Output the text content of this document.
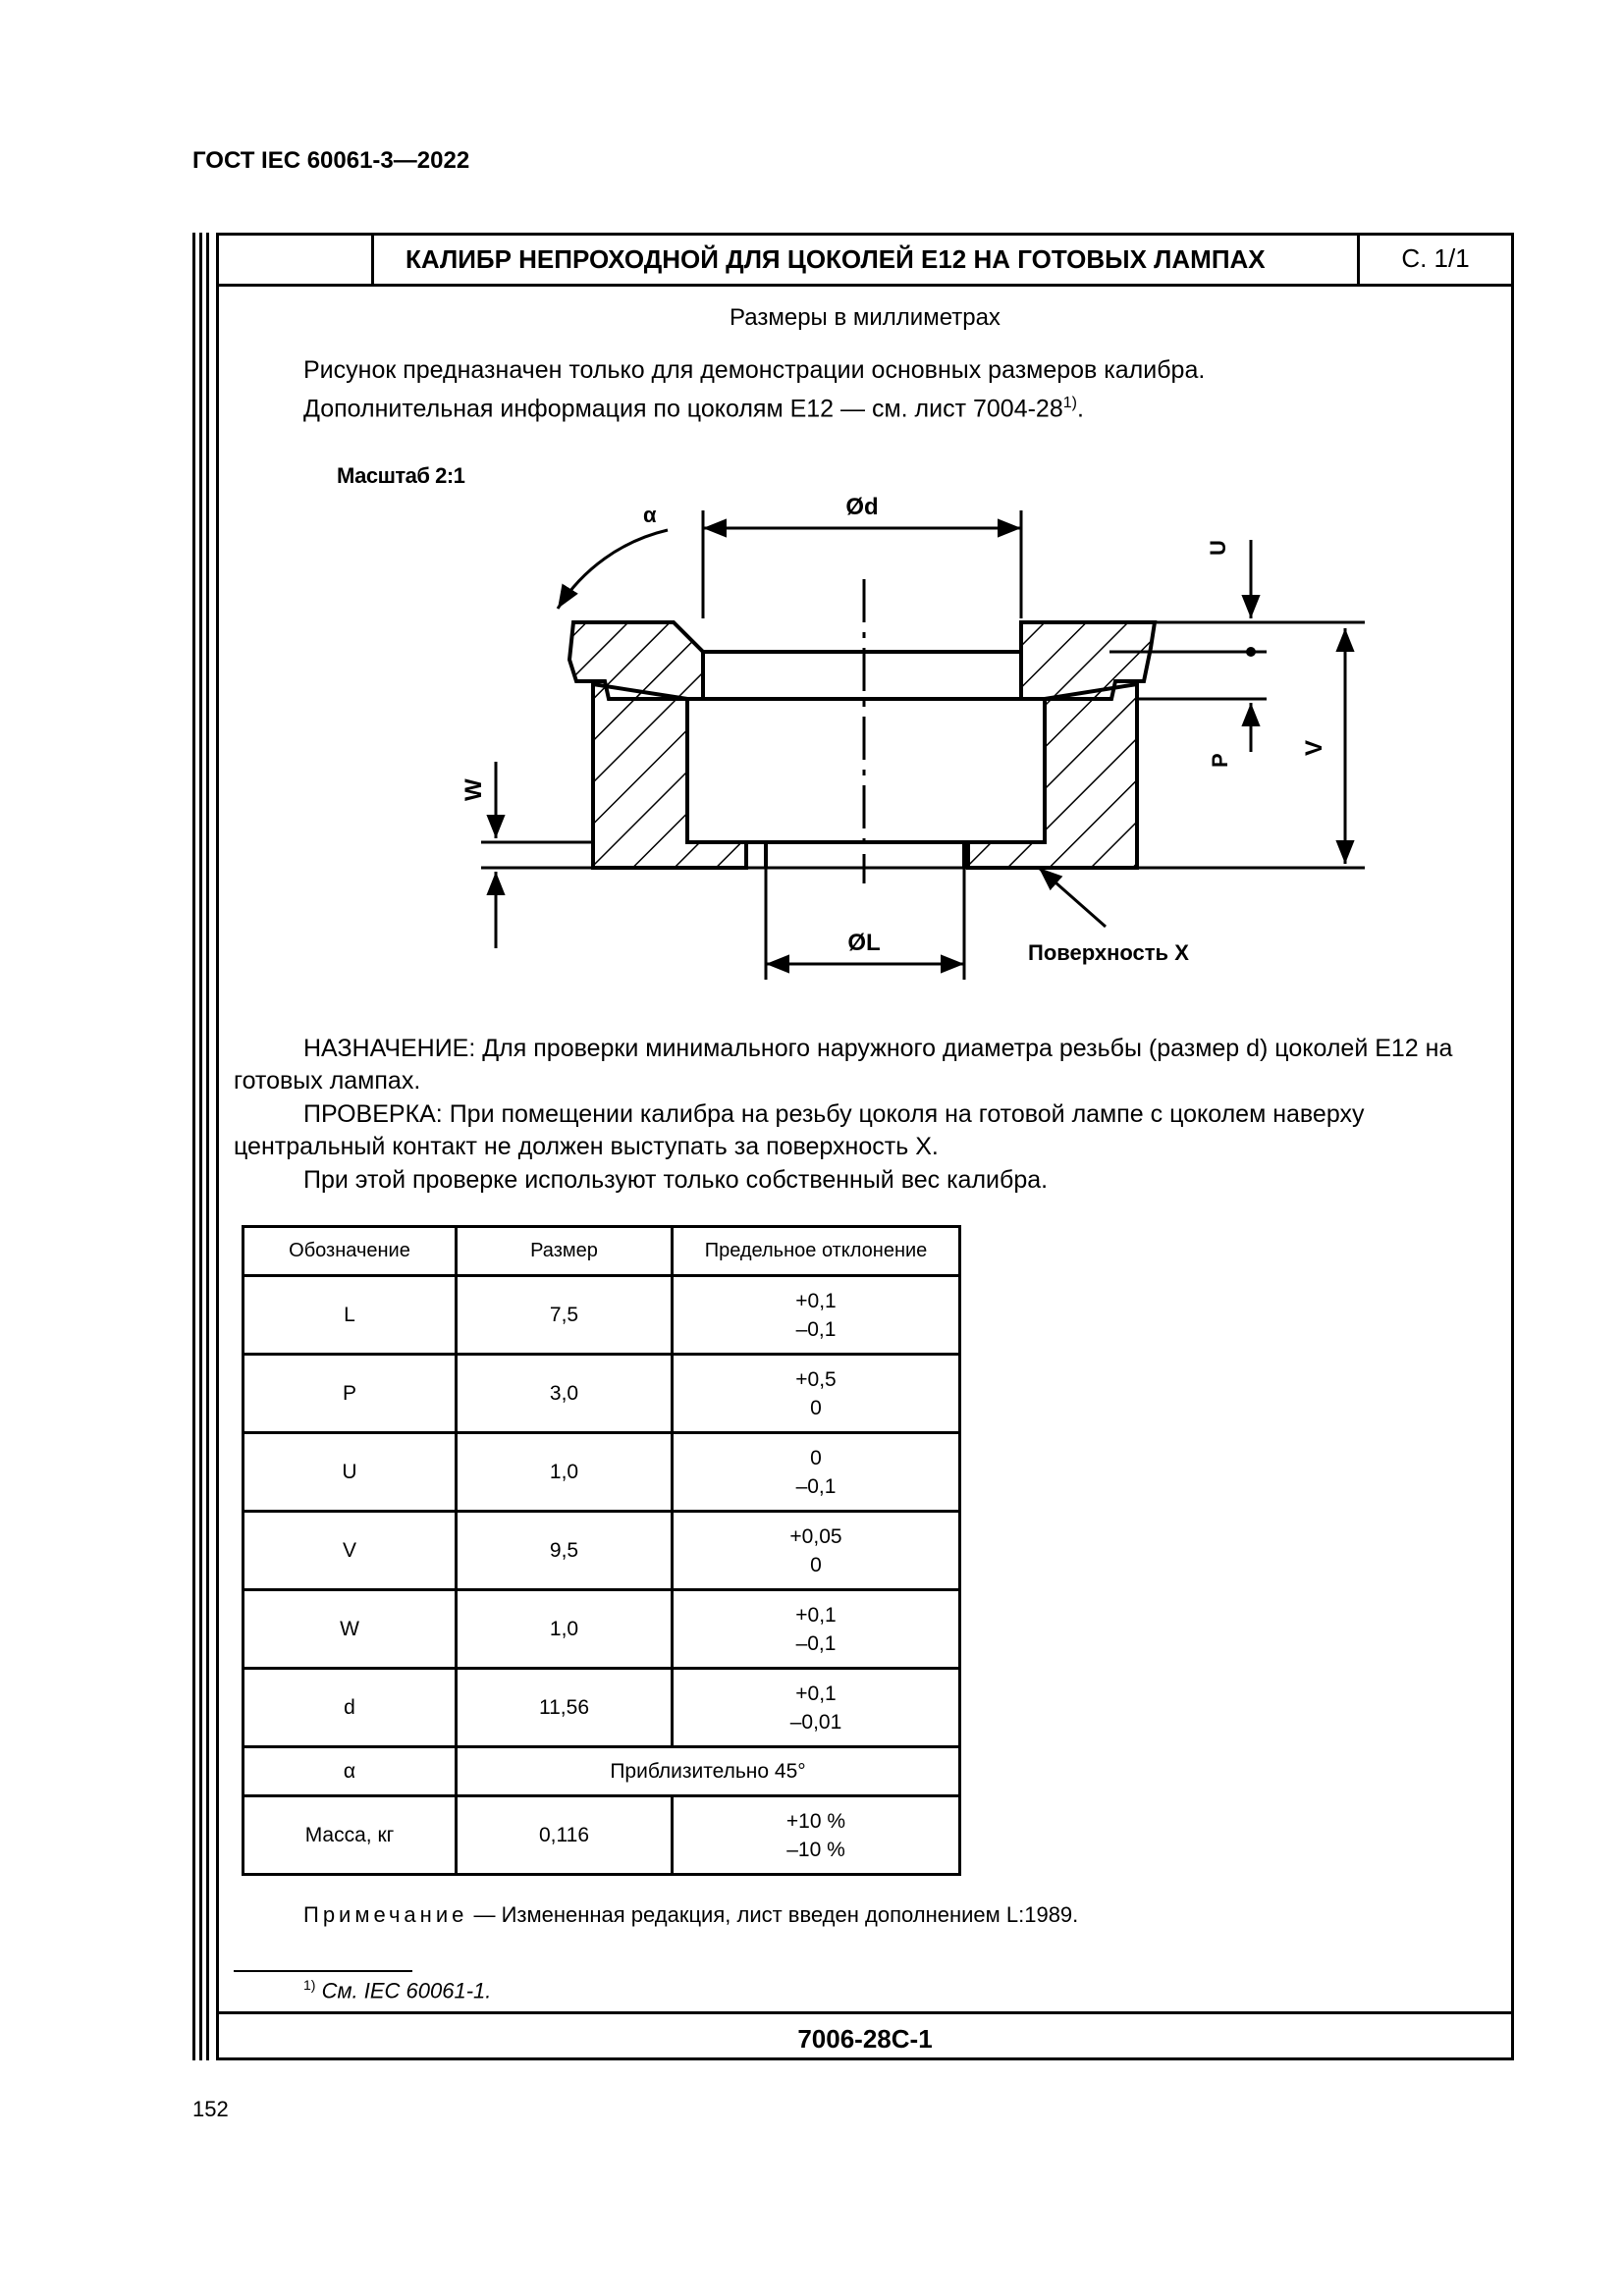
ГОСТ IEC 60061-3—2022
КАЛИБР НЕПРОХОДНОЙ ДЛЯ ЦОКОЛЕЙ Е12 НА ГОТОВЫХ ЛАМПАХ	С. 1/1
Размеры в миллиметрах
Рисунок предназначен только для демонстрации основных размеров калибра.
Дополнительная информация по цоколям Е12 — см. лист 7004-28$^{1)}$.
Масштаб 2:1
α	Ød
U
P
V
W
ØL	Поверхность X
НАЗНАЧЕНИЕ: Для проверки минимального наружного диаметра резьбы (размер d) цоколей Е12 на готовых лампах.
ПРОВЕРКА: При помещении калибра на резьбу цоколя на готовой лампе с цоколем наверху центральный контакт не должен выступать за поверхность X.
При этой проверке используют только собственный вес калибра.
Обозначение	Размер	Предельное отклонение
L	7,5	+0,1
–0,1

P	3,0	+0,5
0

U	1,0	0
–0,1

V	9,5	+0,05
0

W	1,0	+0,1
–0,1

d	11,56	+0,1
–0,01

α	Приблизительно 45°	
Масса, кг	0,116	+10 %
–10 %
Примечание — Измененная редакция, лист введен дополнением L:1989.
$^{1)}$ См. IEC 60061-1.
7006-28С-1
152
